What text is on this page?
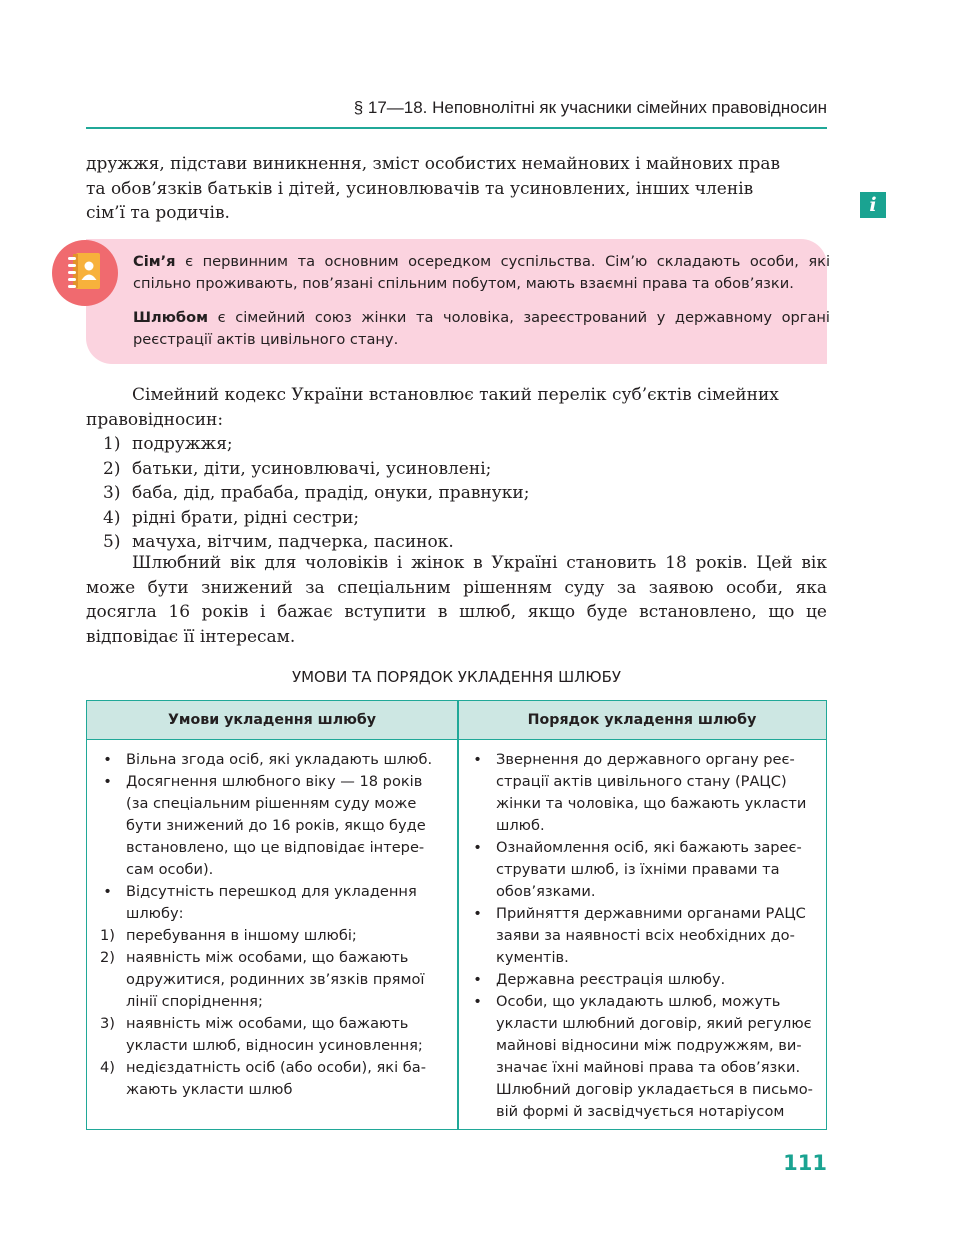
§ 17—18. Неповнолітні як учасники сімейних правовідносин
i
дружжя, підстави виникнення, зміст особистих немайнових і майнових прав
та обов’язків батьків і дітей, усиновлювачів та усиновлених, інших членів
сім’ї та родичів.
Сім’я є первинним та основним осередком суспільства. Сім’ю складають особи, які спільно проживають, пов’язані спільним побутом, мають взаємні права та обов’язки.
Шлюбом є сімейний союз жінки та чоловіка, зареєстрований у державному органі реєстрації актів цивільного стану.
Сімейний кодекс України встановлює такий перелік суб’єктів сімейних
правовідносин:
1) подружжя;
2) батьки, діти, усиновлювачі, усиновлені;
3) баба, дід, прабаба, прадід, онуки, правнуки;
4) рідні брати, рідні сестри;
5) мачуха, вітчим, падчерка, пасинок.
Шлюбний вік для чоловіків і жінок в Україні становить 18 років. Цей вік може бути знижений за спеціальним рішенням суду за заявою особи, яка досягла 16 років і бажає вступити в шлюб, якщо буде встановлено, що це відповідає її інтересам.
УМОВИ ТА ПОРЯДОК УКЛАДЕННЯ ШЛЮБУ
Умови укладення шлюбу	Порядок укладення шлюбу
• Вільна згода осіб, які укладають шлюб.
• Досягнення шлюбного віку — 18 років
(за спеціальним рішенням суду може
бути знижений до 16 років, якщо буде
встановлено, що це відповідає інтере-
сам особи).
• Відсутність перешкод для укладення
шлюбу:
1) перебування в іншому шлюбі;
2) наявність між особами, що бажають
одружитися, родинних зв’язків прямої
лінії споріднення;
3) наявність між особами, що бажають
укласти шлюб, відносин усиновлення;
4) недієздатність осіб (або особи), які ба-
жають укласти шлюб
• Звернення до державного органу реє-
страції актів цивільного стану (РАЦС)
жінки та чоловіка, що бажають укласти
шлюб.
• Ознайомлення осіб, які бажають зареє-
струвати шлюб, із їхніми правами та
обов’язками.
• Прийняття державними органами РАЦС
заяви за наявності всіх необхідних до-
кументів.
• Державна реєстрація шлюбу.
• Особи, що укладають шлюб, можуть
укласти шлюбний договір, який регулює
майнові відносини між подружжям, ви-
значає їхні майнові права та обов’язки.
Шлюбний договір укладається в письмо-
вій формі й засвідчується нотаріусом
111
